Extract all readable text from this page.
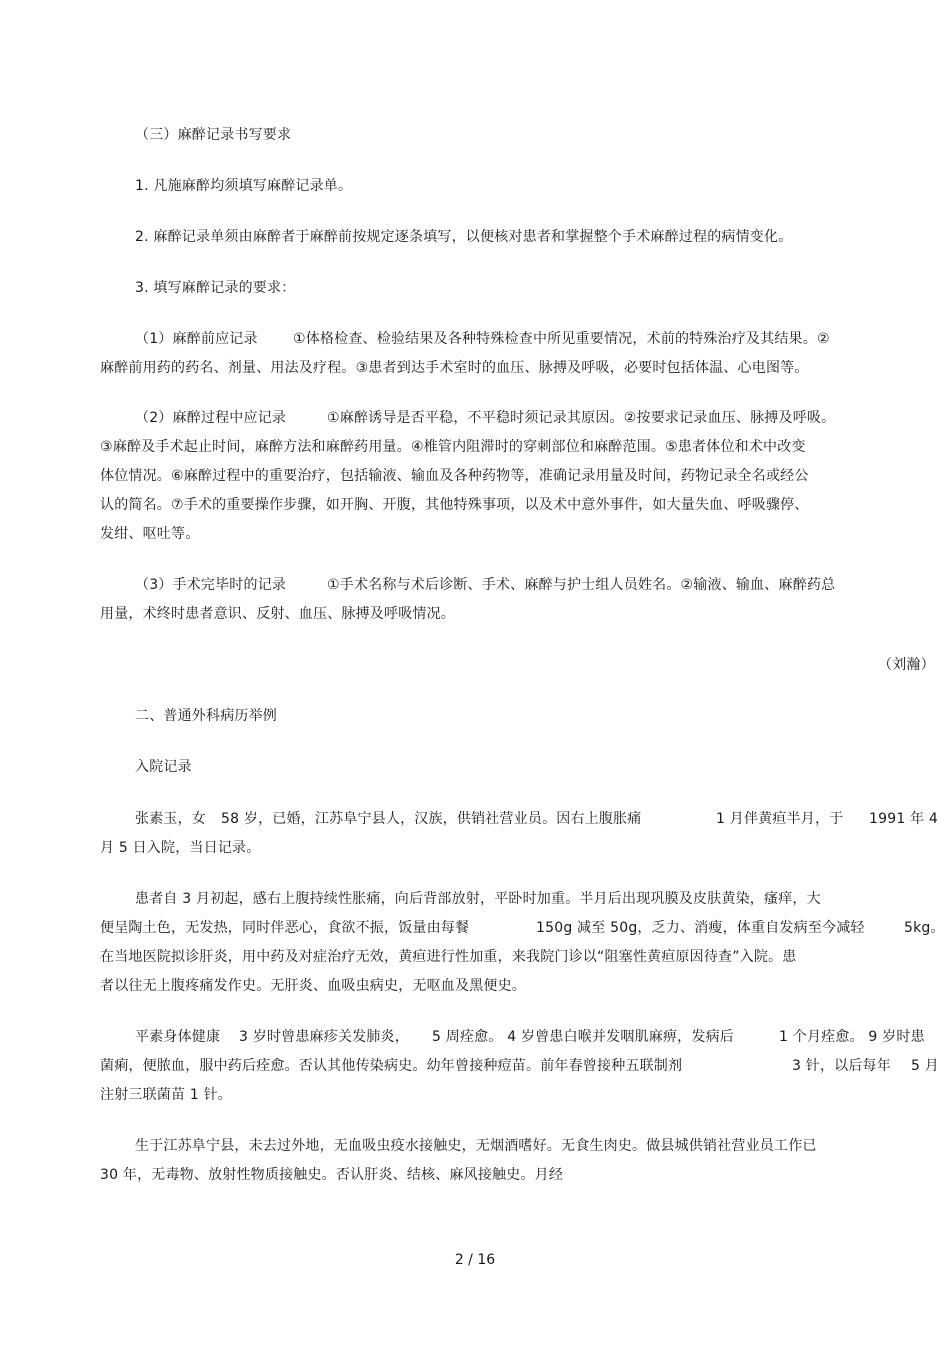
（三）麻醉记录书写要求
1. 凡施麻醉均须填写麻醉记录单。
2. 麻醉记录单须由麻醉者于麻醉前按规定逐条填写，以便核对患者和掌握整个手术麻醉过程的病情变化。
3. 填写麻醉记录的要求：
（1）麻醉前应记录	①体格检查、检验结果及各种特殊检查中所见重要情况，术前的特殊治疗及其结果。②
麻醉前用药的药名、剂量、用法及疗程。③患者到达手术室时的血压、脉搏及呼吸，必要时包括体温、心电图等。
（2）麻醉过程中应记录	①麻醉诱导是否平稳，不平稳时须记录其原因。②按要求记录血压、脉搏及呼吸。
③麻醉及手术起止时间，麻醉方法和麻醉药用量。④椎管内阻滞时的穿刺部位和麻醉范围。⑤患者体位和术中改变
体位情况。⑥麻醉过程中的重要治疗，包括输液、输血及各种药物等，准确记录用量及时间，药物记录全名或经公
认的简名。⑦手术的重要操作步骤，如开胸、开腹，其他特殊事项，以及术中意外事件，如大量失血、呼吸骤停、
发绀、呕吐等。
（3）手术完毕时的记录	①手术名称与术后诊断、手术、麻醉与护士组人员姓名。②输液、输血、麻醉药总
用量，术终时患者意识、反射、血压、脉搏及呼吸情况。
（刘瀚）
二、普通外科病历举例
入院记录
张素玉，女 58 岁，已婚，江苏阜宁县人，汉族，供销社营业员。因右上腹胀痛	1 月伴黄疸半月，于 1991 年 4
月 5 日入院，当日记录。
患者自 3 月初起，感右上腹持续性胀痛，向后背部放射，平卧时加重。半月后出现巩膜及皮肤黄染，瘙痒，大
便呈陶土色，无发热，同时伴恶心，食欲不振，饭量由每餐	150g 减至 50g，乏力、消瘦，体重自发病至今减轻	5kg。
在当地医院拟诊肝炎，用中药及对症治疗无效，黄疸进行性加重，来我院门诊以“阻塞性黄疸原因待查”入院。患
者以往无上腹疼痛发作史。无肝炎、血吸虫病史，无呕血及黑便史。
平素身体健康 3 岁时曾患麻疹关发肺炎， 5 周痊愈。 4 岁曾患白喉并发咽肌麻痹，发病后	1 个月痊愈。 9 岁时患
菌痢，便脓血，服中药后痊愈。否认其他传染病史。幼年曾接种痘苗。前年春曾接种五联制剂	3 针，以后每年 5 月
注射三联菌苗 1 针。
生于江苏阜宁县，未去过外地，无血吸虫疫水接触史，无烟酒嗜好。无食生肉史。做县城供销社营业员工作已
30 年，无毒物、放射性物质接触史。否认肝炎、结核、麻风接触史。月经
2 / 16
